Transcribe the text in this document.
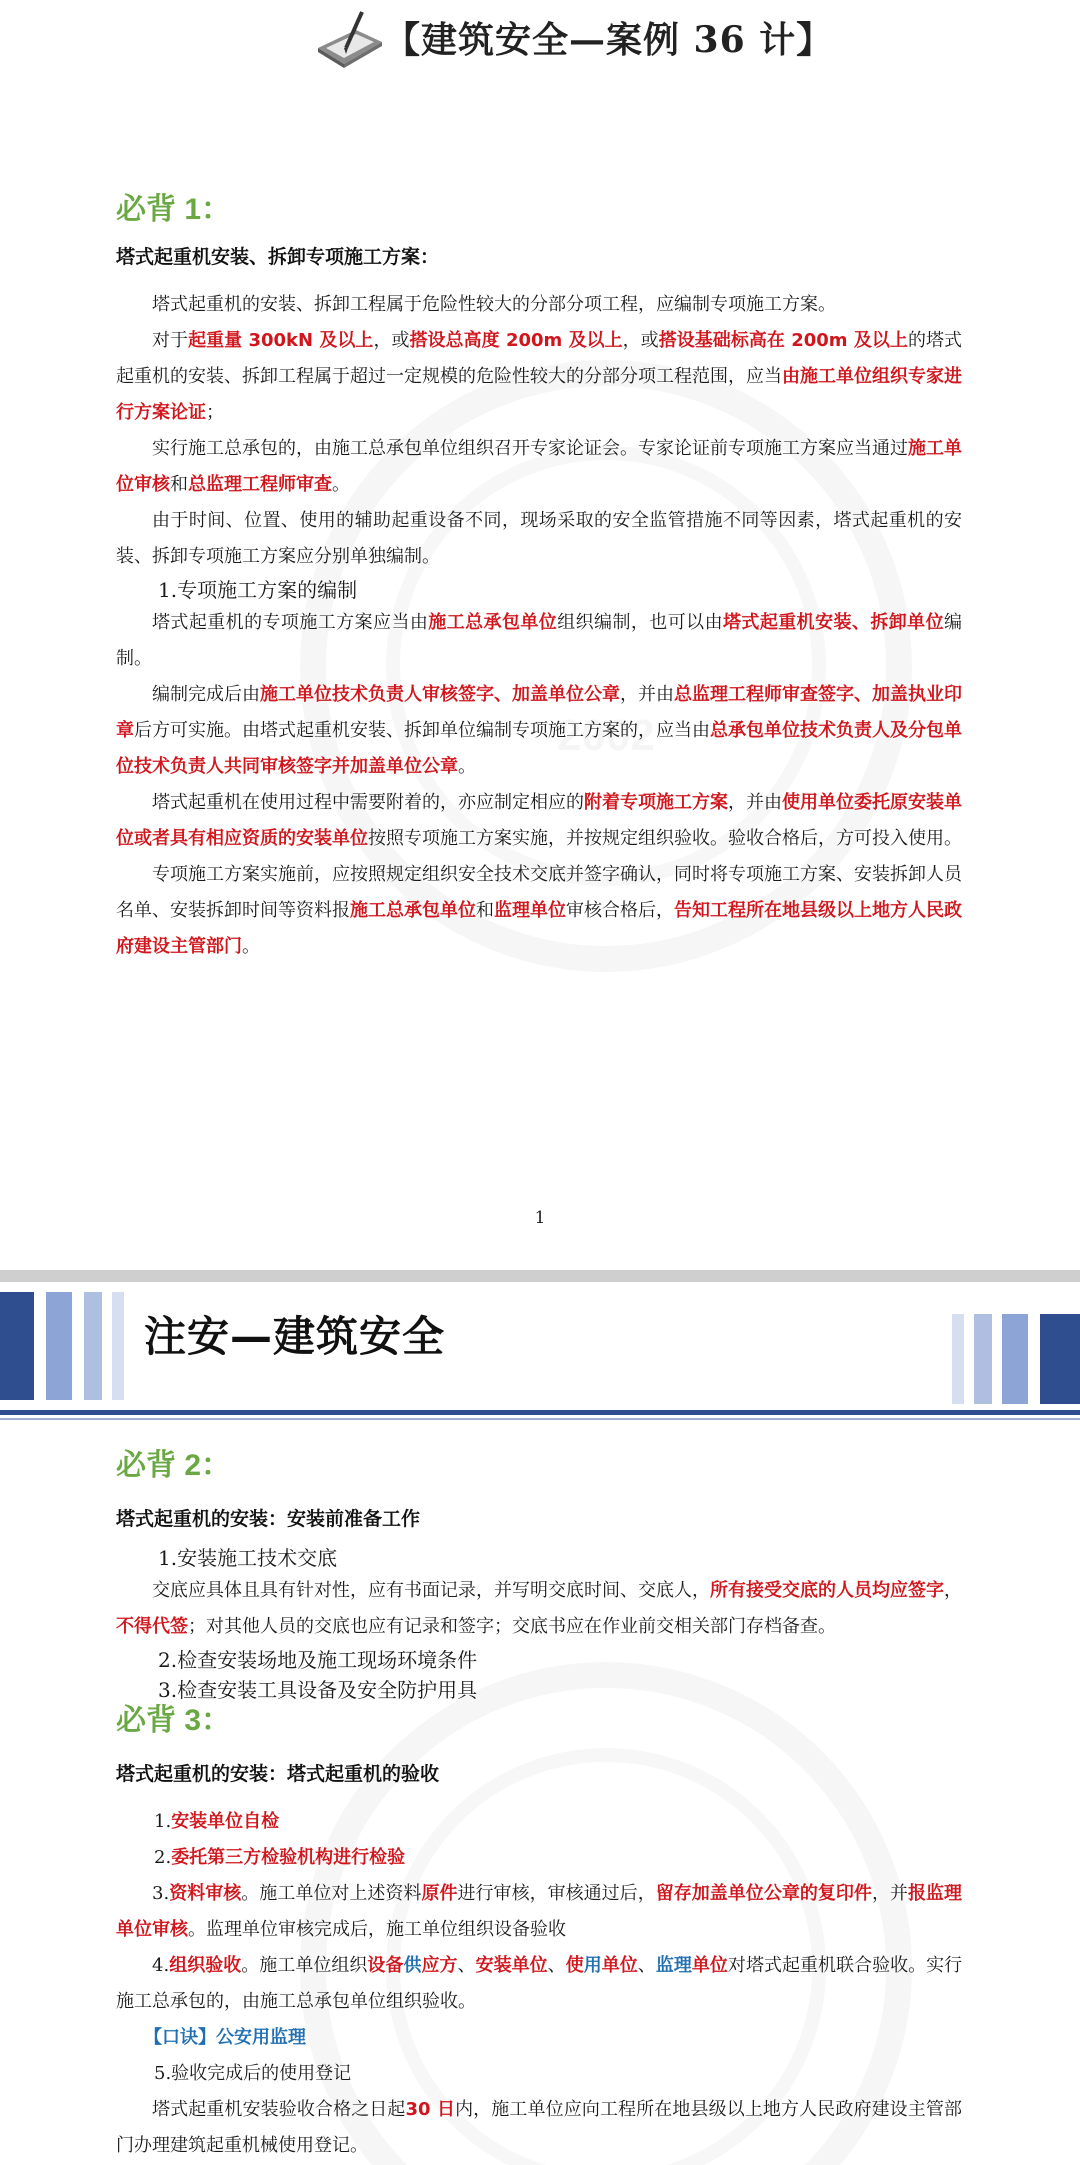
【建筑安全—案例 36 计】
必背 1：
塔式起重机安装、拆卸专项施工方案：

塔式起重机的安装、拆卸工程属于危险性较大的分部分项工程，应编制专项施工方案。

对于起重量 300kN 及以上，或搭设总高度 200m 及以上，或搭设基础标高在 200m 及以上的塔式起重机的安装、拆卸工程属于超过一定规模的危险性较大的分部分项工程范围，应当由施工单位组织专家进行方案论证；

实行施工总承包的，由施工总承包单位组织召开专家论证会。专家论证前专项施工方案应当通过施工单位审核和总监理工程师审查。

由于时间、位置、使用的辅助起重设备不同，现场采取的安全监管措施不同等因素，塔式起重机的安装、拆卸专项施工方案应分别单独编制。

1.专项施工方案的编制

塔式起重机的专项施工方案应当由施工总承包单位组织编制，也可以由塔式起重机安装、拆卸单位编制。

编制完成后由施工单位技术负责人审核签字、加盖单位公章，并由总监理工程师审查签字、加盖执业印章后方可实施。由塔式起重机安装、拆卸单位编制专项施工方案的，应当由总承包单位技术负责人及分包单位技术负责人共同审核签字并加盖单位公章。

塔式起重机在使用过程中需要附着的，亦应制定相应的附着专项施工方案，并由使用单位委托原安装单位或者具有相应资质的安装单位按照专项施工方案实施，并按规定组织验收。验收合格后，方可投入使用。

专项施工方案实施前，应按照规定组织安全技术交底并签字确认，同时将专项施工方案、安装拆卸人员名单、安装拆卸时间等资料报施工总承包单位和监理单位审核合格后，告知工程所在地县级以上地方人民政府建设主管部门。

1
注安—建筑安全
必背 2：
塔式起重机的安装：安装前准备工作

1.安装施工技术交底

交底应具体且具有针对性，应有书面记录，并写明交底时间、交底人，所有接受交底的人员均应签字，不得代签；对其他人员的交底也应有记录和签字；交底书应在作业前交相关部门存档备查。

2.检查安装场地及施工现场环境条件

3.检查安装工具设备及安全防护用具

必背 3：
塔式起重机的安装：塔式起重机的验收

1.安装单位自检

2.委托第三方检验机构进行检验

3.资料审核。施工单位对上述资料原件进行审核，审核通过后，留存加盖单位公章的复印件，并报监理单位审核。监理单位审核完成后，施工单位组织设备验收

4.组织验收。施工单位组织设备供应方、安装单位、使用单位、监理单位对塔式起重机联合验收。实行施工总承包的，由施工总承包单位组织验收。

【口诀】公安用监理

5.验收完成后的使用登记

塔式起重机安装验收合格之日起30 日内，施工单位应向工程所在地县级以上地方人民政府建设主管部门办理建筑起重机械使用登记。
